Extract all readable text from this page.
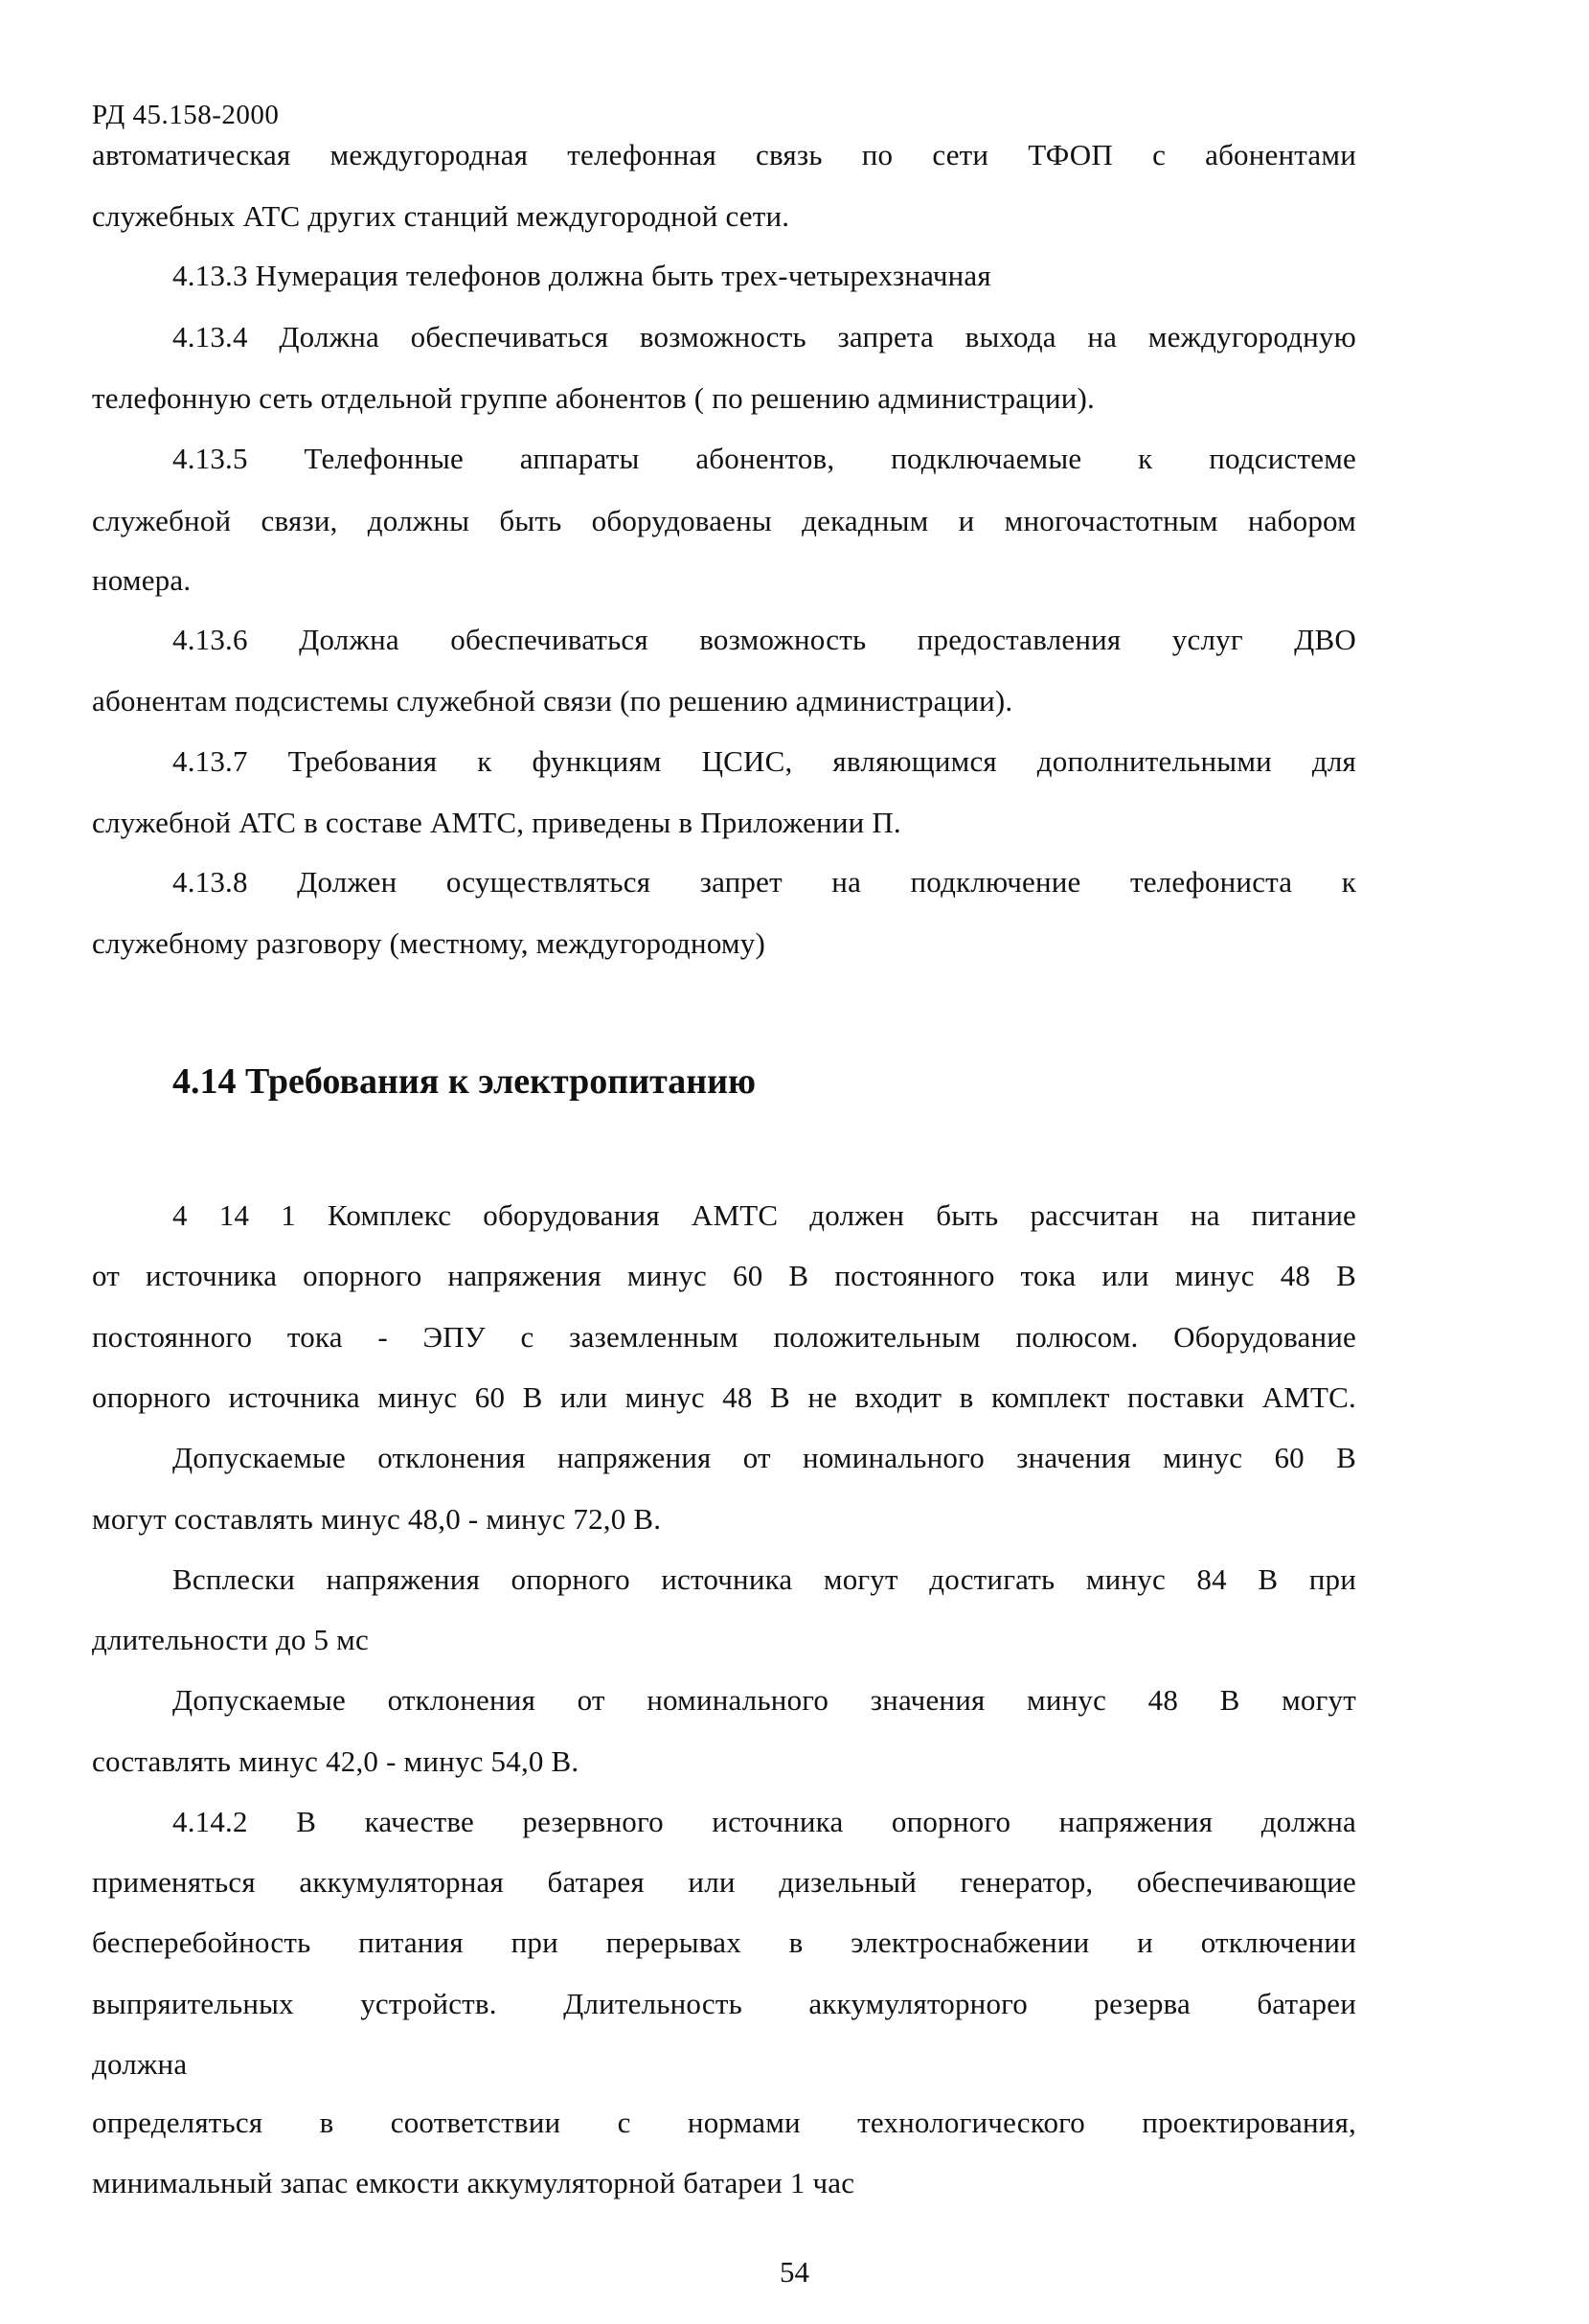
РД 45.158-2000
автоматическая междугородная телефонная связь по сети ТФОП с абонентами
служебных АТС других станций междугородной сети.
4.13.3 Нумерация телефонов должна быть трех-четырехзначная
4.13.4 Должна обеспечиваться возможность запрета выхода на междугородную
телефонную сеть отдельной группе абонентов ( по решению администрации).
4.13.5 Телефонные аппараты абонентов, подключаемые к подсистеме
служебной связи, должны быть оборудоваены декадным и многочастотным набором
номера.
4.13.6 Должна обеспечиваться возможность предоставления услуг ДВО
абонентам подсистемы служебной связи (по решению администрации).
4.13.7 Требования к функциям ЦСИС, являющимся дополнительными для
служебной АТС в составе АМТС, приведены в Приложении П.
4.13.8 Должен осуществляться запрет на подключение телефониста к
служебному разговору (местному, междугородному)
4.14 Требования к электропитанию
4 14 1 Комплекс оборудования АМТС должен быть рассчитан на питание
от источника опорного напряжения минус 60 В постоянного тока или минус 48 В
постоянного тока - ЭПУ с заземленным положительным полюсом. Оборудование
опорного источника минус 60 В или минус 48 В не входит в комплект поставки АМТС.
Допускаемые отклонения напряжения от номинального значения минус 60 В
могут составлять минус 48,0 - минус 72,0 В.
Всплески напряжения опорного источника могут достигать минус 84 В при
длительности до 5 мс
Допускаемые отклонения от номинального значения минус 48 В могут
составлять минус 42,0 - минус 54,0 В.
4.14.2 В качестве резервного источника опорного напряжения должна
применяться аккумуляторная батарея или дизельный генератор, обеспечивающие
бесперебойность питания при перерывах в электроснабжении и отключении
выпряительных устройств. Длительность аккумуляторного резерва батареи
должна
определяться в соответствии с нормами технологического проектирования,
минимальный запас емкости аккумуляторной батареи 1 час
54
